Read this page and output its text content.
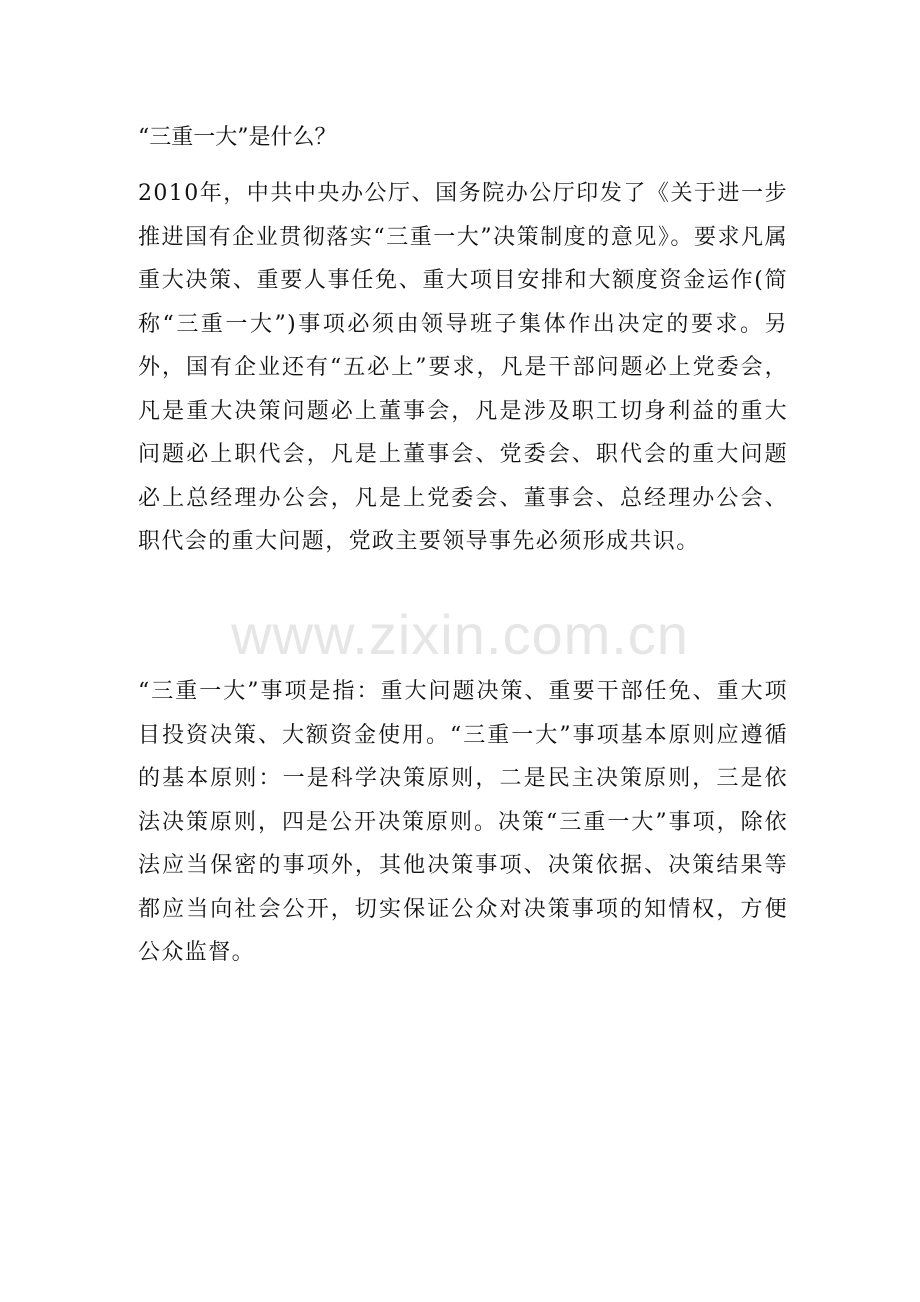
“三重一大”是什么？

2010年，中共中央办公厅、国务院办公厅印发了《关于进一步推进国有企业贯彻落实“三重一大”决策制度的意见》。要求凡属重大决策、重要人事任免、重大项目安排和大额度资金运作(简称“三重一大”)事项必须由领导班子集体作出决定的要求。另外，国有企业还有“五必上”要求，凡是干部问题必上党委会，凡是重大决策问题必上董事会，凡是涉及职工切身利益的重大问题必上职代会，凡是上董事会、党委会、职代会的重大问题必上总经理办公会，凡是上党委会、董事会、总经理办公会、职代会的重大问题，党政主要领导事先必须形成共识。

www.zixin.com.cn

“三重一大”事项是指：重大问题决策、重要干部任免、重大项目投资决策、大额资金使用。“三重一大”事项基本原则应遵循的基本原则：一是科学决策原则，二是民主决策原则，三是依法决策原则，四是公开决策原则。决策“三重一大”事项，除依法应当保密的事项外，其他决策事项、决策依据、决策结果等都应当向社会公开，切实保证公众对决策事项的知情权，方便公众监督。
